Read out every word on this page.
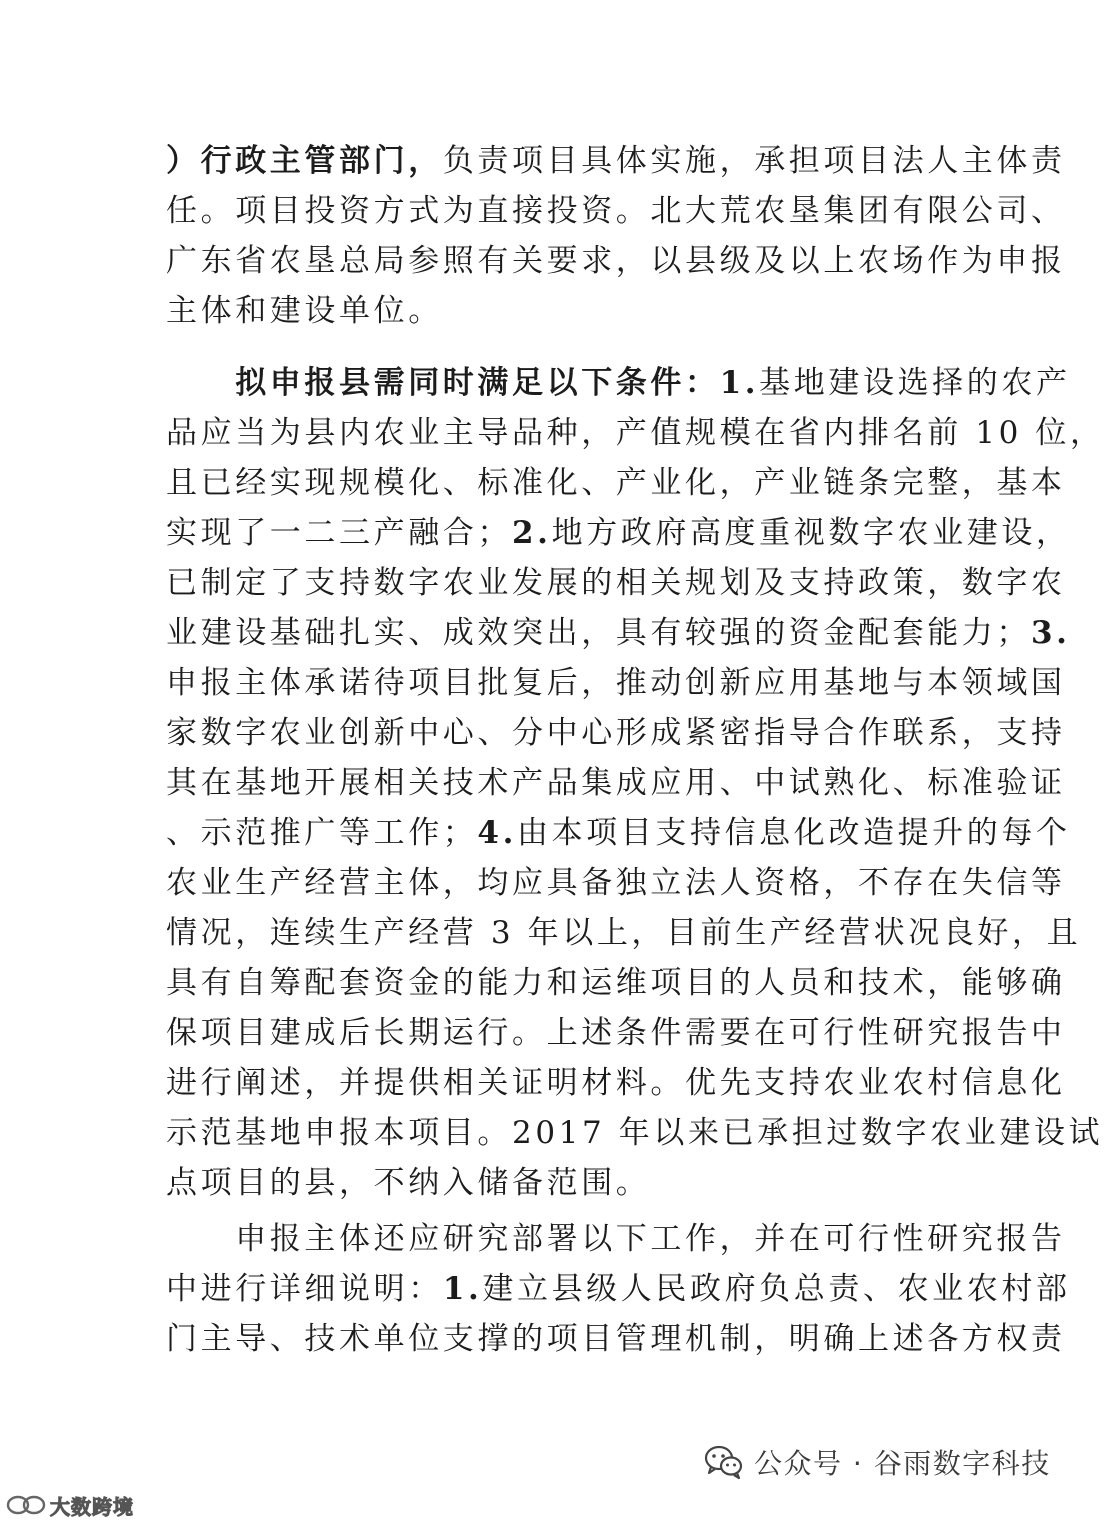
）行政主管部门，负责项目具体实施，承担项目法人主体责
任。项目投资方式为直接投资。北大荒农垦集团有限公司、
广东省农垦总局参照有关要求，以县级及以上农场作为申报
主体和建设单位。
　　拟申报县需同时满足以下条件：1.基地建设选择的农产
品应当为县内农业主导品种，产值规模在省内排名前 10 位，
且已经实现规模化、标准化、产业化，产业链条完整，基本
实现了一二三产融合；2.地方政府高度重视数字农业建设，
已制定了支持数字农业发展的相关规划及支持政策，数字农
业建设基础扎实、成效突出，具有较强的资金配套能力；3.
申报主体承诺待项目批复后，推动创新应用基地与本领域国
家数字农业创新中心、分中心形成紧密指导合作联系，支持
其在基地开展相关技术产品集成应用、中试熟化、标准验证
、示范推广等工作；4.由本项目支持信息化改造提升的每个
农业生产经营主体，均应具备独立法人资格，不存在失信等
情况，连续生产经营 3 年以上，目前生产经营状况良好，且
具有自筹配套资金的能力和运维项目的人员和技术，能够确
保项目建成后长期运行。上述条件需要在可行性研究报告中
进行阐述，并提供相关证明材料。优先支持农业农村信息化
示范基地申报本项目。2017 年以来已承担过数字农业建设试
点项目的县，不纳入储备范围。
　　申报主体还应研究部署以下工作，并在可行性研究报告
中进行详细说明：1.建立县级人民政府负总责、农业农村部
门主导、技术单位支撑的项目管理机制，明确上述各方权责
公众号 · 谷雨数字科技
大数跨境
